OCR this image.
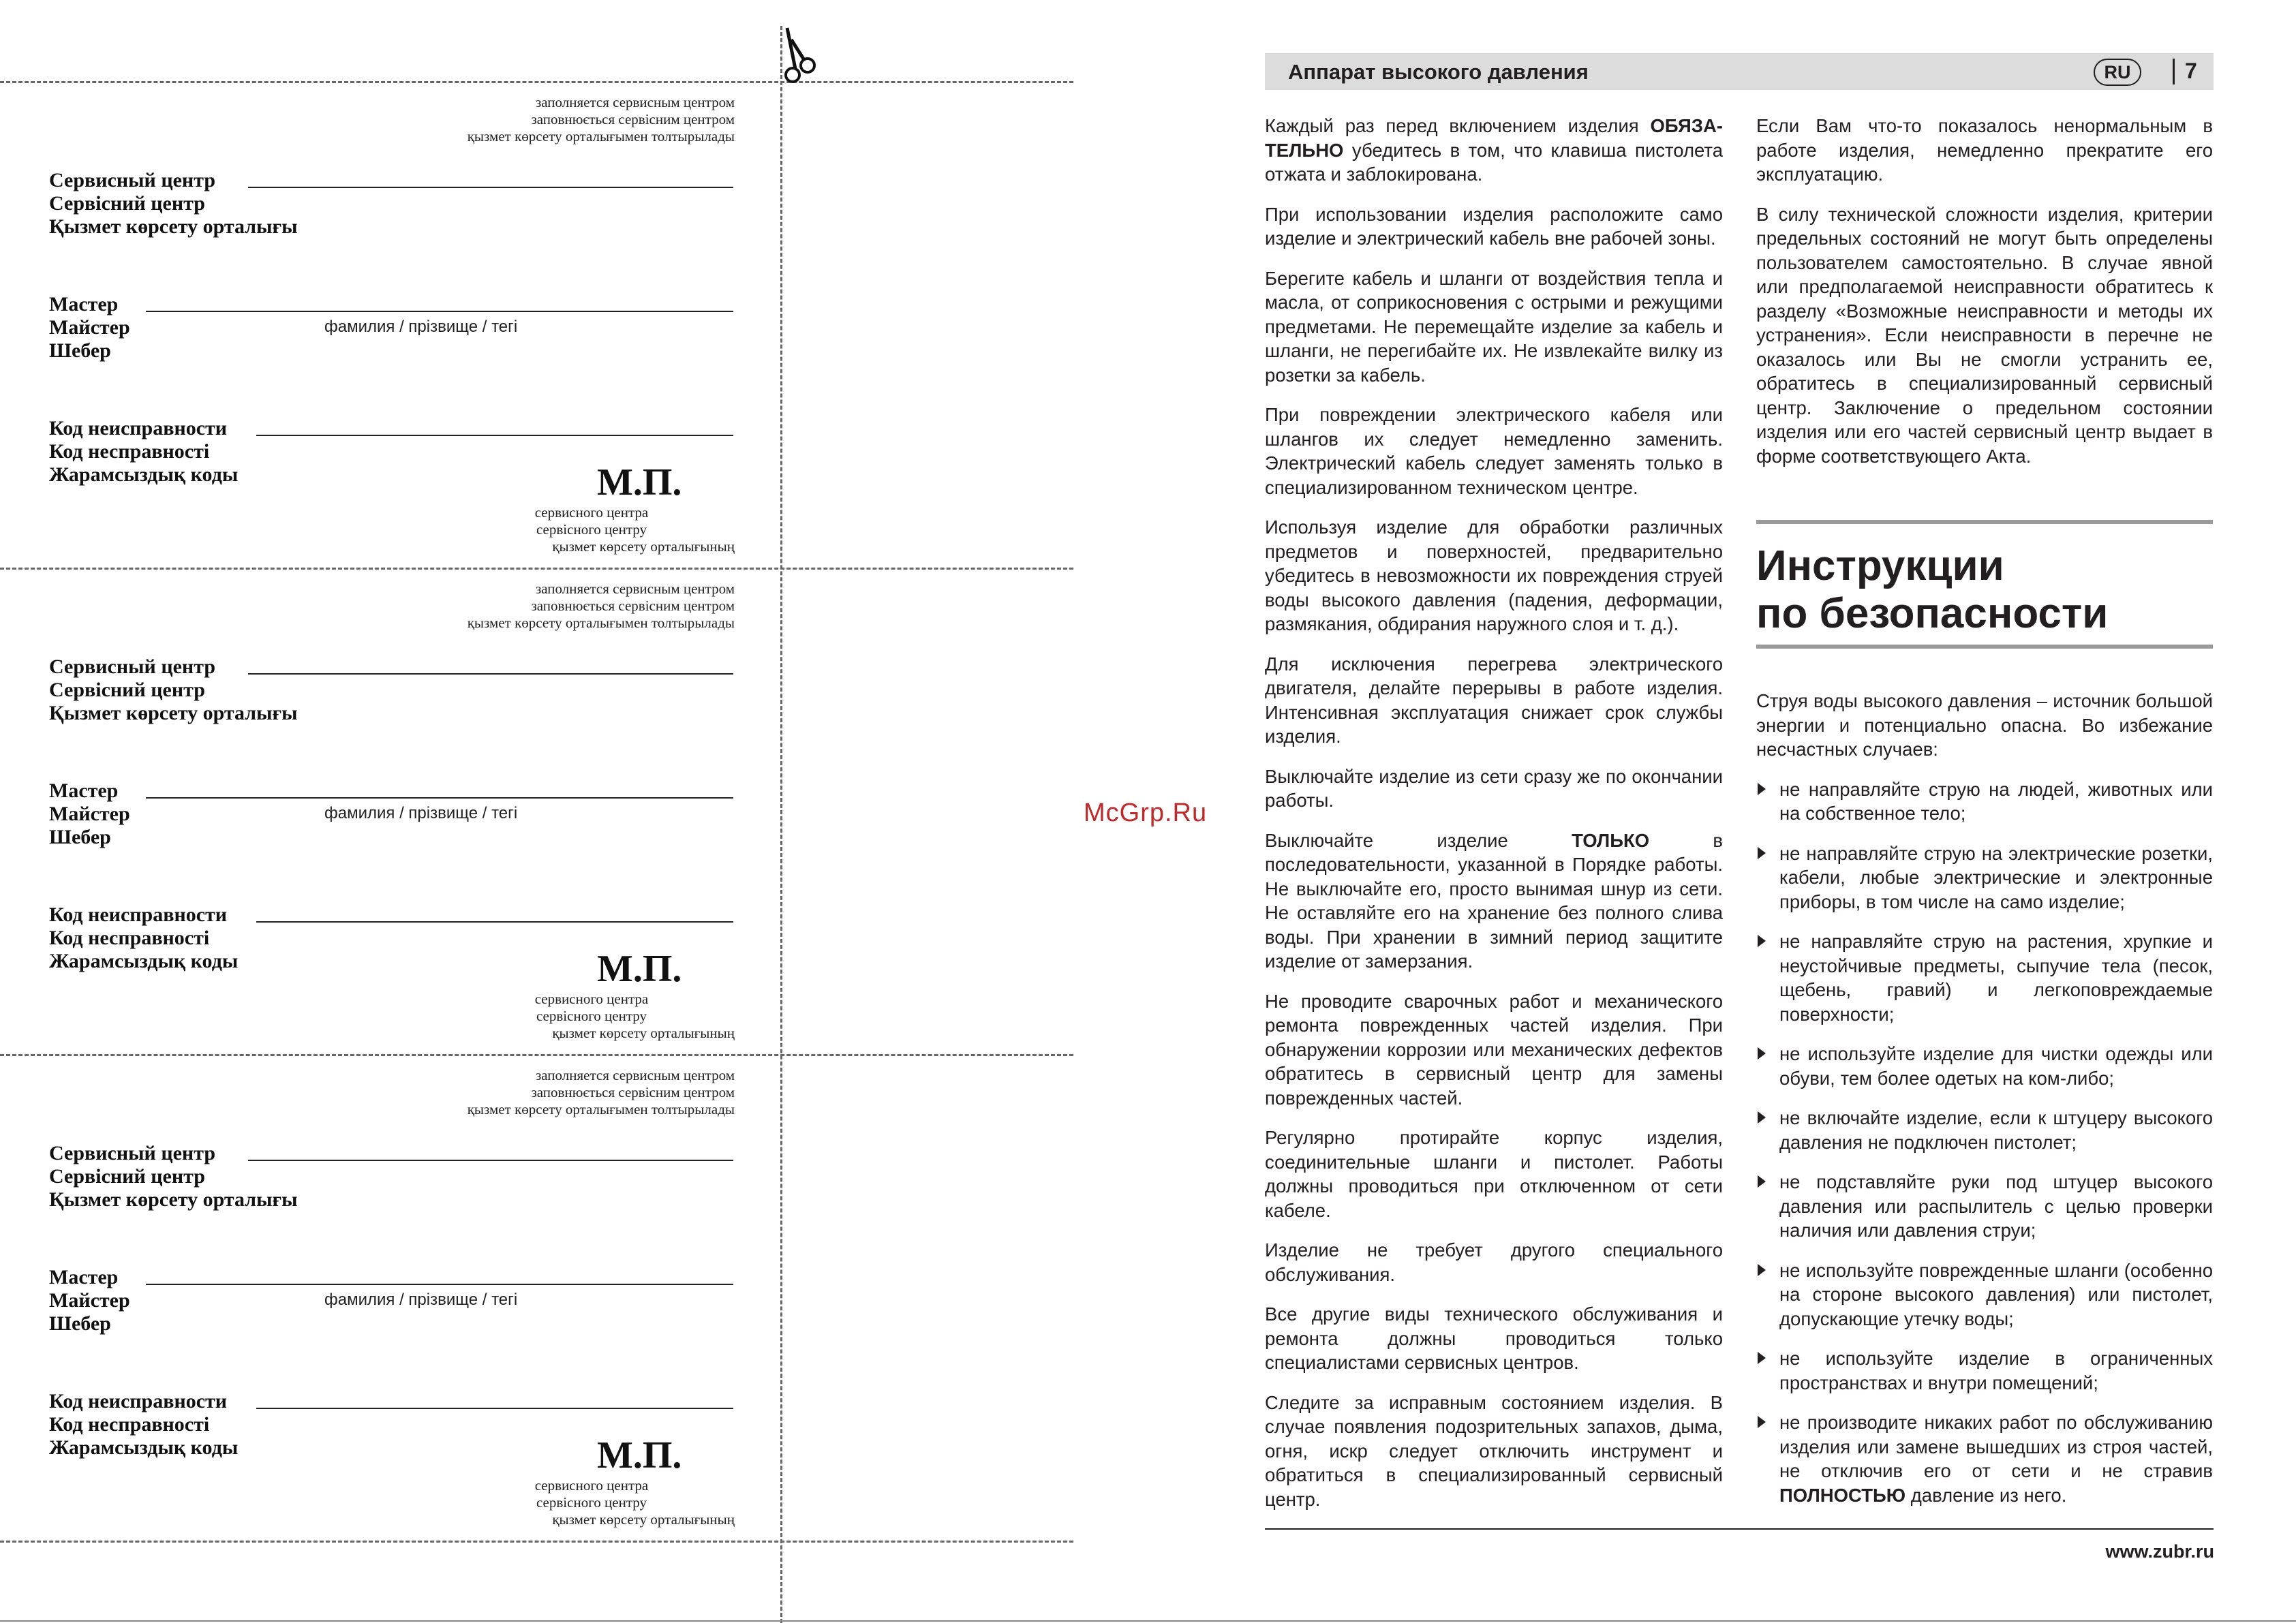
заполняется сервисным центром
заповнюється сервісним центром
қызмет көрсету орталығымен толтырылады
Сервисный центр
Сервісний центр
Қызмет көрсету орталығы
Мастер
Майстер
Шебер
фамилия / прізвище / тегі
Код неисправности
Код несправності
Жарамсыздық коды	М.П.
сервисного центра
сервісного центру
қызмет көрсету орталығының
заполняется сервисным центром
заповнюється сервісним центром
қызмет көрсету орталығымен толтырылады
Сервисный центр
Сервісний центр
Қызмет көрсету орталығы
Мастер
Майстер
Шебер
фамилия / прізвище / тегі
Код неисправности
Код несправності
Жарамсыздық коды	М.П.
сервисного центра
сервісного центру
қызмет көрсету орталығының
заполняется сервисным центром
заповнюється сервісним центром
қызмет көрсету орталығымен толтырылады
Сервисный центр
Сервісний центр
Қызмет көрсету орталығы
Мастер
Майстер
Шебер
фамилия / прізвище / тегі
Код неисправности
Код несправності
Жарамсыздық коды	М.П.
сервисного центра
сервісного центру
қызмет көрсету орталығының
McGrp.Ru
Аппарат высокого давления	RU	7

Каждый раз перед включением изделия ОБЯЗА-ТЕЛЬНО убедитесь в том, что клавиша пистолета отжата и заблокирована.

При использовании изделия расположите само изделие и электрический кабель вне рабочей зоны.

Берегите кабель и шланги от воздействия тепла и масла, от соприкосновения с острыми и режущими предметами. Не перемещайте изделие за кабель и шланги, не перегибайте их. Не извлекайте вилку из розетки за кабель.

При повреждении электрического кабеля или шлангов их следует немедленно заменить. Электрический кабель следует заменять только в специализированном техническом центре.

Используя изделие для обработки различных предметов и поверхностей, предварительно убедитесь в невозможности их повреждения струей воды высокого давления (падения, деформации, размякания, обдирания наружного слоя и т. д.).

Для исключения перегрева электрического двигателя, делайте перерывы в работе изделия. Интенсивная эксплуатация снижает срок службы изделия.

Выключайте изделие из сети сразу же по окончании работы.

Выключайте изделие ТОЛЬКО в последовательности, указанной в Порядке работы. Не выключайте его, просто вынимая шнур из сети. Не оставляйте его на хранение без полного слива воды. При хранении в зимний период защитите изделие от замерзания.

Не проводите сварочных работ и механического ремонта поврежденных частей изделия. При обнаружении коррозии или механических дефектов обратитесь в сервисный центр для замены поврежденных частей.

Регулярно протирайте корпус изделия, соединительные шланги и пистолет. Работы должны проводиться при отключенном от сети кабеле.

Изделие не требует другого специального обслуживания.

Все другие виды технического обслуживания и ремонта должны проводиться только специалистами сервисных центров.

Следите за исправным состоянием изделия. В случае появления подозрительных запахов, дыма, огня, искр следует отключить инструмент и обратиться в специализированный сервисный центр.

Если Вам что-то показалось ненормальным в работе изделия, немедленно прекратите его эксплуатацию.

В силу технической сложности изделия, критерии предельных состояний не могут быть определены пользователем самостоятельно. В случае явной или предполагаемой неисправности обратитесь к разделу «Возможные неисправности и методы их устранения». Если неисправности в перечне не оказалось или Вы не смогли устранить ее, обратитесь в специализированный сервисный центр. Заключение о предельном состоянии изделия или его частей сервисный центр выдает в форме соответствующего Акта.

Инструкции
по безопасности

Струя воды высокого давления – источник большой энергии и потенциально опасна. Во избежание несчастных случаев:

не направляйте струю на людей, животных или на собственное тело;

не направляйте струю на электрические розетки, кабели, любые электрические и электронные приборы, в том числе на само изделие;

не направляйте струю на растения, хрупкие и неустойчивые предметы, сыпучие тела (песок, щебень, гравий) и легкоповреждаемые поверхности;

не используйте изделие для чистки одежды или обуви, тем более одетых на ком-либо;

не включайте изделие, если к штуцеру высокого давления не подключен пистолет;

не подставляйте руки под штуцер высокого давления или распылитель с целью проверки наличия или давления струи;

не используйте поврежденные шланги (особенно на стороне высокого давления) или пистолет, допускающие утечку воды;

не используйте изделие в ограниченных пространствах и внутри помещений;

не производите никаких работ по обслуживанию изделия или замене вышедших из строя частей, не отключив его от сети и не стравив ПОЛНОСТЬЮ давление из него.

www.zubr.ru
